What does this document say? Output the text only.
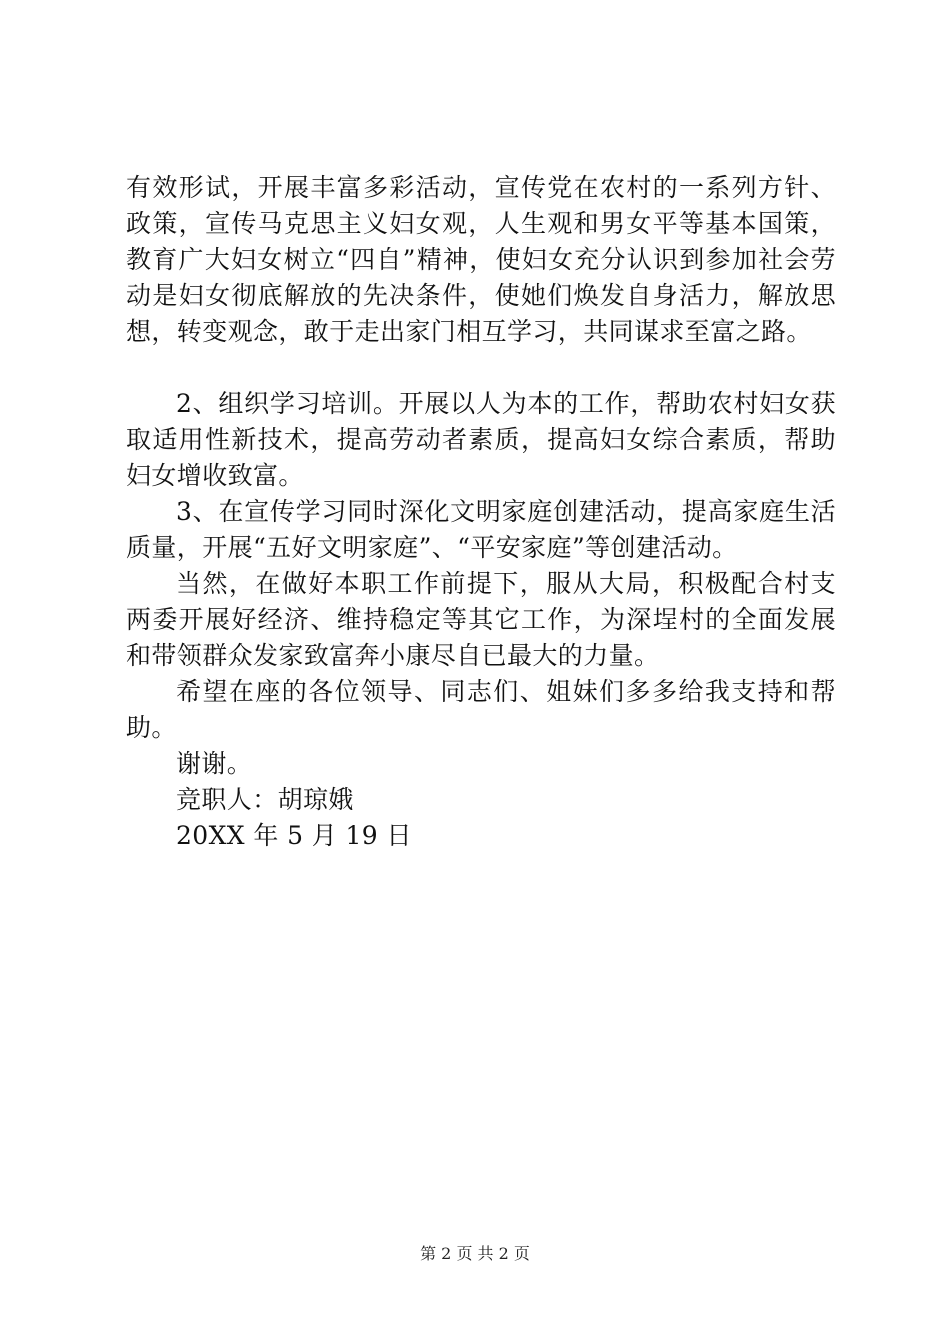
有效形试，开展丰富多彩活动，宣传党在农村的一系列方针、政策，宣传马克思主义妇女观，人生观和男女平等基本国策，教育广大妇女树立“四自”精神，使妇女充分认识到参加社会劳动是妇女彻底解放的先决条件，使她们焕发自身活力，解放思想，转变观念，敢于走出家门相互学习，共同谋求至富之路。

2、组织学习培训。开展以人为本的工作，帮助农村妇女获取适用性新技术，提高劳动者素质，提高妇女综合素质，帮助妇女增收致富。

3、在宣传学习同时深化文明家庭创建活动，提高家庭生活质量，开展“五好文明家庭”、“平安家庭”等创建活动。

当然，在做好本职工作前提下，服从大局，积极配合村支两委开展好经济、维持稳定等其它工作，为深埕村的全面发展和带领群众发家致富奔小康尽自已最大的力量。

希望在座的各位领导、同志们、姐妹们多多给我支持和帮助。

谢谢。

竞职人：胡琼娥

20XX 年 5 月 19 日

第 2 页 共 2 页
